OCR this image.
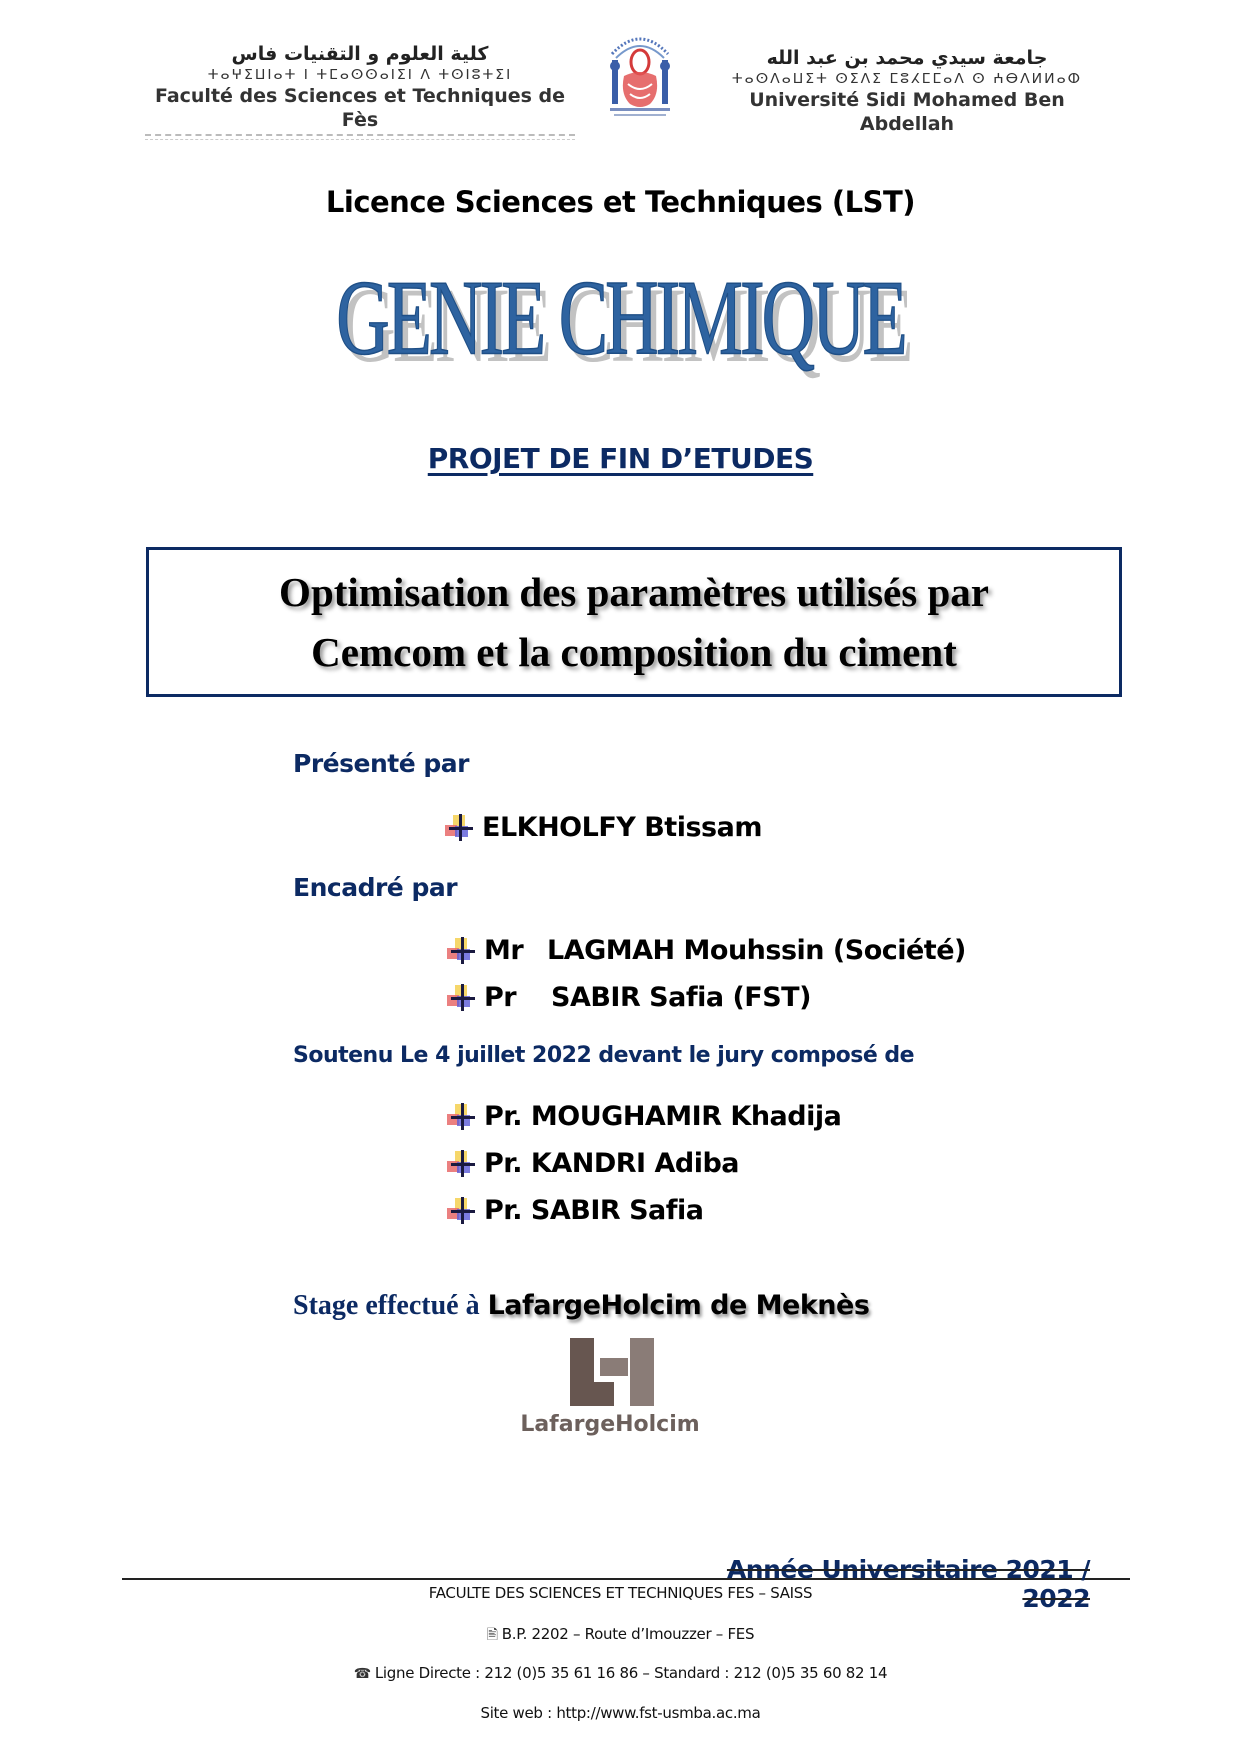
كلية العلوم و التقنيات فاس
ⵜⴰⵖⵉⵡⵏⴰⵜ ⵏ ⵜⵎⴰⵙⵙⴰⵏⵉⵏ ⴷ ⵜⵙⵏⵓⵜⵉⵏ
Faculté des Sciences et Techniques de Fès
جامعة سيدي محمد بن عبد الله
ⵜⴰⵙⴷⴰⵡⵉⵜ ⵙⵉⴷⵉ ⵎⵓⵃⵎⵎⴰⴷ ⵙ ⵄⴱⴷⵍⵍⴰⵀ
Université Sidi Mohamed Ben Abdellah
Licence Sciences et Techniques (LST)
GENIE CHIMIQUE
PROJET DE FIN D’ETUDES
Optimisation des paramètres utilisés par
Cemcom et la composition du ciment
Présenté par
ELKHOLFY Btissam
Encadré par
Mr LAGMAH Mouhssin (Société)
Pr	SABIR Safia (FST)
Soutenu Le 4 juillet 2022 devant le jury composé de
Pr. MOUGHAMIR Khadija
Pr. KANDRI Adiba
Pr. SABIR Safia
Stage effectué à LafargeHolcim de Meknès
LafargeHolcim
Année Universitaire 2021 / 2022
FACULTE DES SCIENCES ET TECHNIQUES FES – SAISS
🖹 B.P. 2202 – Route d’Imouzzer – FES
☎ Ligne Directe : 212 (0)5 35 61 16 86 – Standard : 212 (0)5 35 60 82 14
Site web : http://www.fst-usmba.ac.ma
